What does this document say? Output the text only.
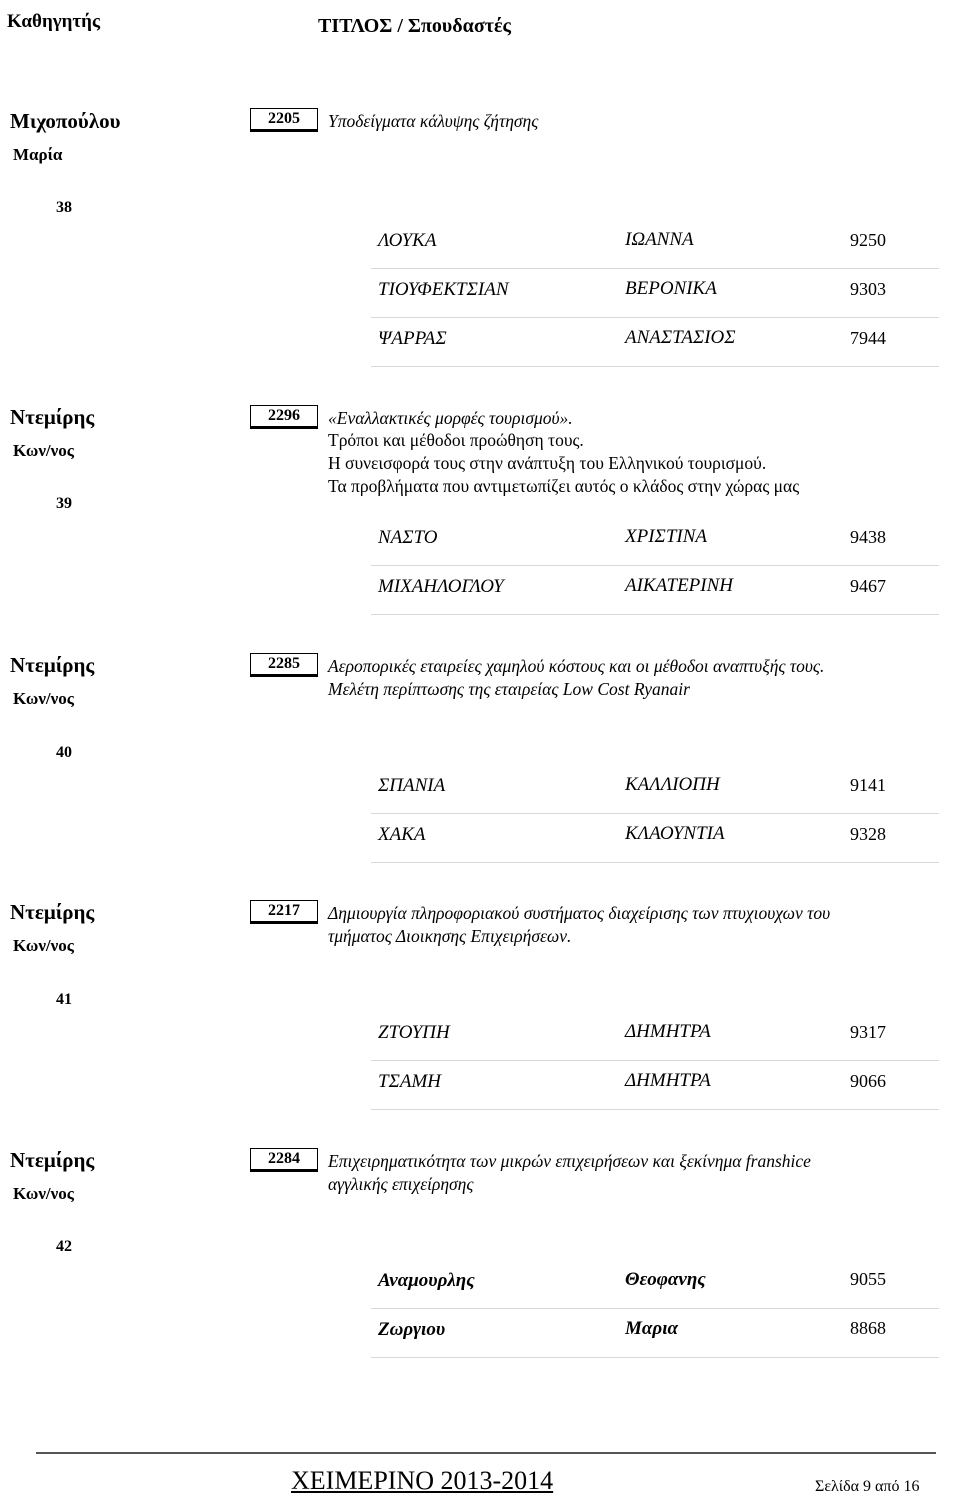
Καθηγητής	ΤΙΤΛΟΣ / Σπουδαστές
Μιχοπούλου
Μαρία
2205	Υποδείγματα κάλυψης ζήτησης
38
ΛΟΥΚΑ	ΙΩΑΝΝΑ	9250
ΤΙΟΥΦΕΚΤΣΙΑΝ	ΒΕΡΟΝΙΚΑ	9303
ΨΑΡΡΑΣ	ΑΝΑΣΤΑΣΙΟΣ	7944
Ντεμίρης
Κων/νος
39
2296	«Εναλλακτικές μορφές τουρισμού».
Τρόποι και μέθοδοι προώθηση τους.
Η συνεισφορά τους στην ανάπτυξη του Ελληνικού τουρισμού.
Τα προβλήματα που αντιμετωπίζει αυτός ο κλάδος στην χώρας μας
ΝΑΣΤΟ	ΧΡΙΣΤΙΝΑ	9438
ΜΙΧΑΗΛΟΓΛΟΥ	ΑΙΚΑΤΕΡΙΝΗ	9467
Ντεμίρης
Κων/νος
2285	Αεροπορικές εταιρείες χαμηλού κόστους και οι μέθοδοι αναπτυξής τους.
Μελέτη περίπτωσης της εταιρείας Low Cost Ryanair
40
ΣΠΑΝΙΑ	ΚΑΛΛΙΟΠΗ	9141
ΧΑΚΑ	ΚΛΑΟΥΝΤΙΑ	9328
Ντεμίρης
Κων/νος
2217	Δημιουργία πληροφοριακού συστήματος διαχείρισης των πτυχιουχων του
τμήματος Διοικησης Επιχειρήσεων.
41
ΖΤΟΥΠΗ	ΔΗΜΗΤΡΑ	9317
ΤΣΑΜΗ	ΔΗΜΗΤΡΑ	9066
Ντεμίρης
Κων/νος
2284	Επιχειρηματικότητα των μικρών επιχειρήσεων και ξεκίνημα franshice
αγγλικής επιχείρησης
42
Αναμουρλης	Θεοφανης	9055
Ζωργιου	Μαρια	8868
ΧΕΙΜΕΡΙΝΟ 2013-2014	Σελίδα 9 από 16
